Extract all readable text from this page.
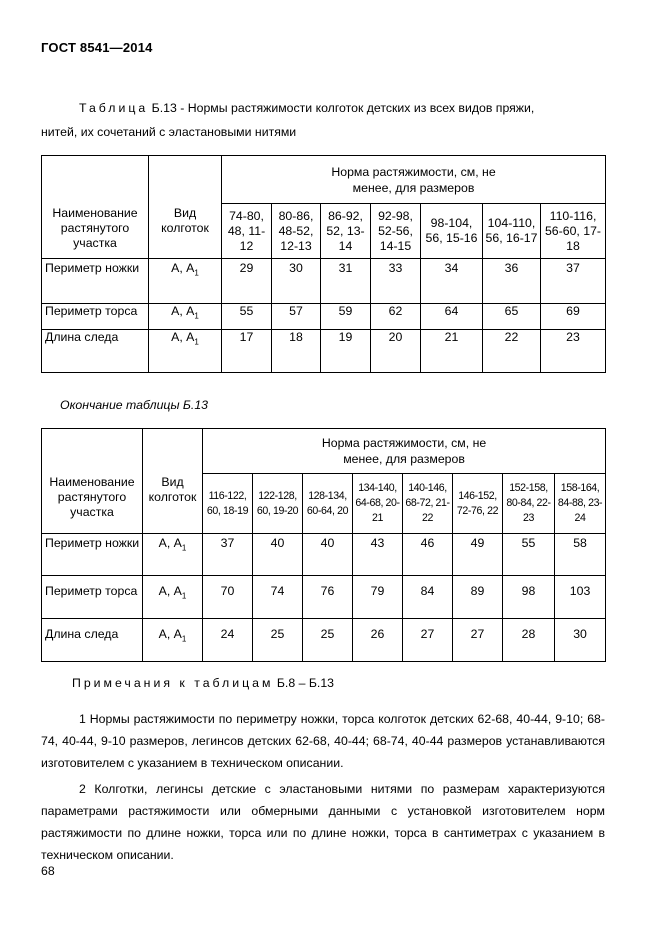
ГОСТ 8541—2014
Таблица Б.13 - Нормы растяжимости колготок детских из всех видов пряжи,
нитей, их сочетаний с эластановыми нитями
Наименование растянутого участка	Вид колготок	Норма растяжимости, см, не менее, для размеров						
		74-80, 48, 11-12	80-86, 48-52, 12-13	86-92, 52, 13-14	92-98, 52-56, 14-15	98-104, 56, 15-16	104-110, 56, 16-17	110-116, 56-60, 17-18
Периметр ножки	А, $А_1$	29	30	31	33	34	36	37
Периметр торса	А, $А_1$	55	57	59	62	64	65	69
Длина следа	А, $А_1$	17	18	19	20	21	22	23
Окончание таблицы Б.13
Наименование растянутого участка	Вид колготок	Норма растяжимости, см, не менее, для размеров							
		116-122, 60, 18-19	122-128, 60, 19-20	128-134, 60-64, 20	134-140, 64-68, 20-21	140-146, 68-72, 21-22	146-152, 72-76, 22	152-158, 80-84, 22-23	158-164, 84-88, 23-24
Периметр ножки	А, $А_1$	37	40	40	43	46	49	55	58
Периметр торса	А, $А_1$	70	74	76	79	84	89	98	103
Длина следа	А, $А_1$	24	25	25	26	27	27	28	30
Примечания к таблицам Б.8 – Б.13

1 Нормы растяжимости по периметру ножки, торса колготок детских 62-68, 40-44, 9-10; 68-74, 40-44, 9-10 размеров, легинсов детских 62-68, 40-44; 68-74, 40-44 размеров устанавливаются изготовителем с указанием в техническом описании.

2 Колготки, легинсы детские с эластановыми нитями по размерам характеризуются параметрами растяжимости или обмерными данными с установкой изготовителем норм растяжимости по длине ножки, торса или по длине ножки, торса в сантиметрах с указанием в техническом описании.

68
